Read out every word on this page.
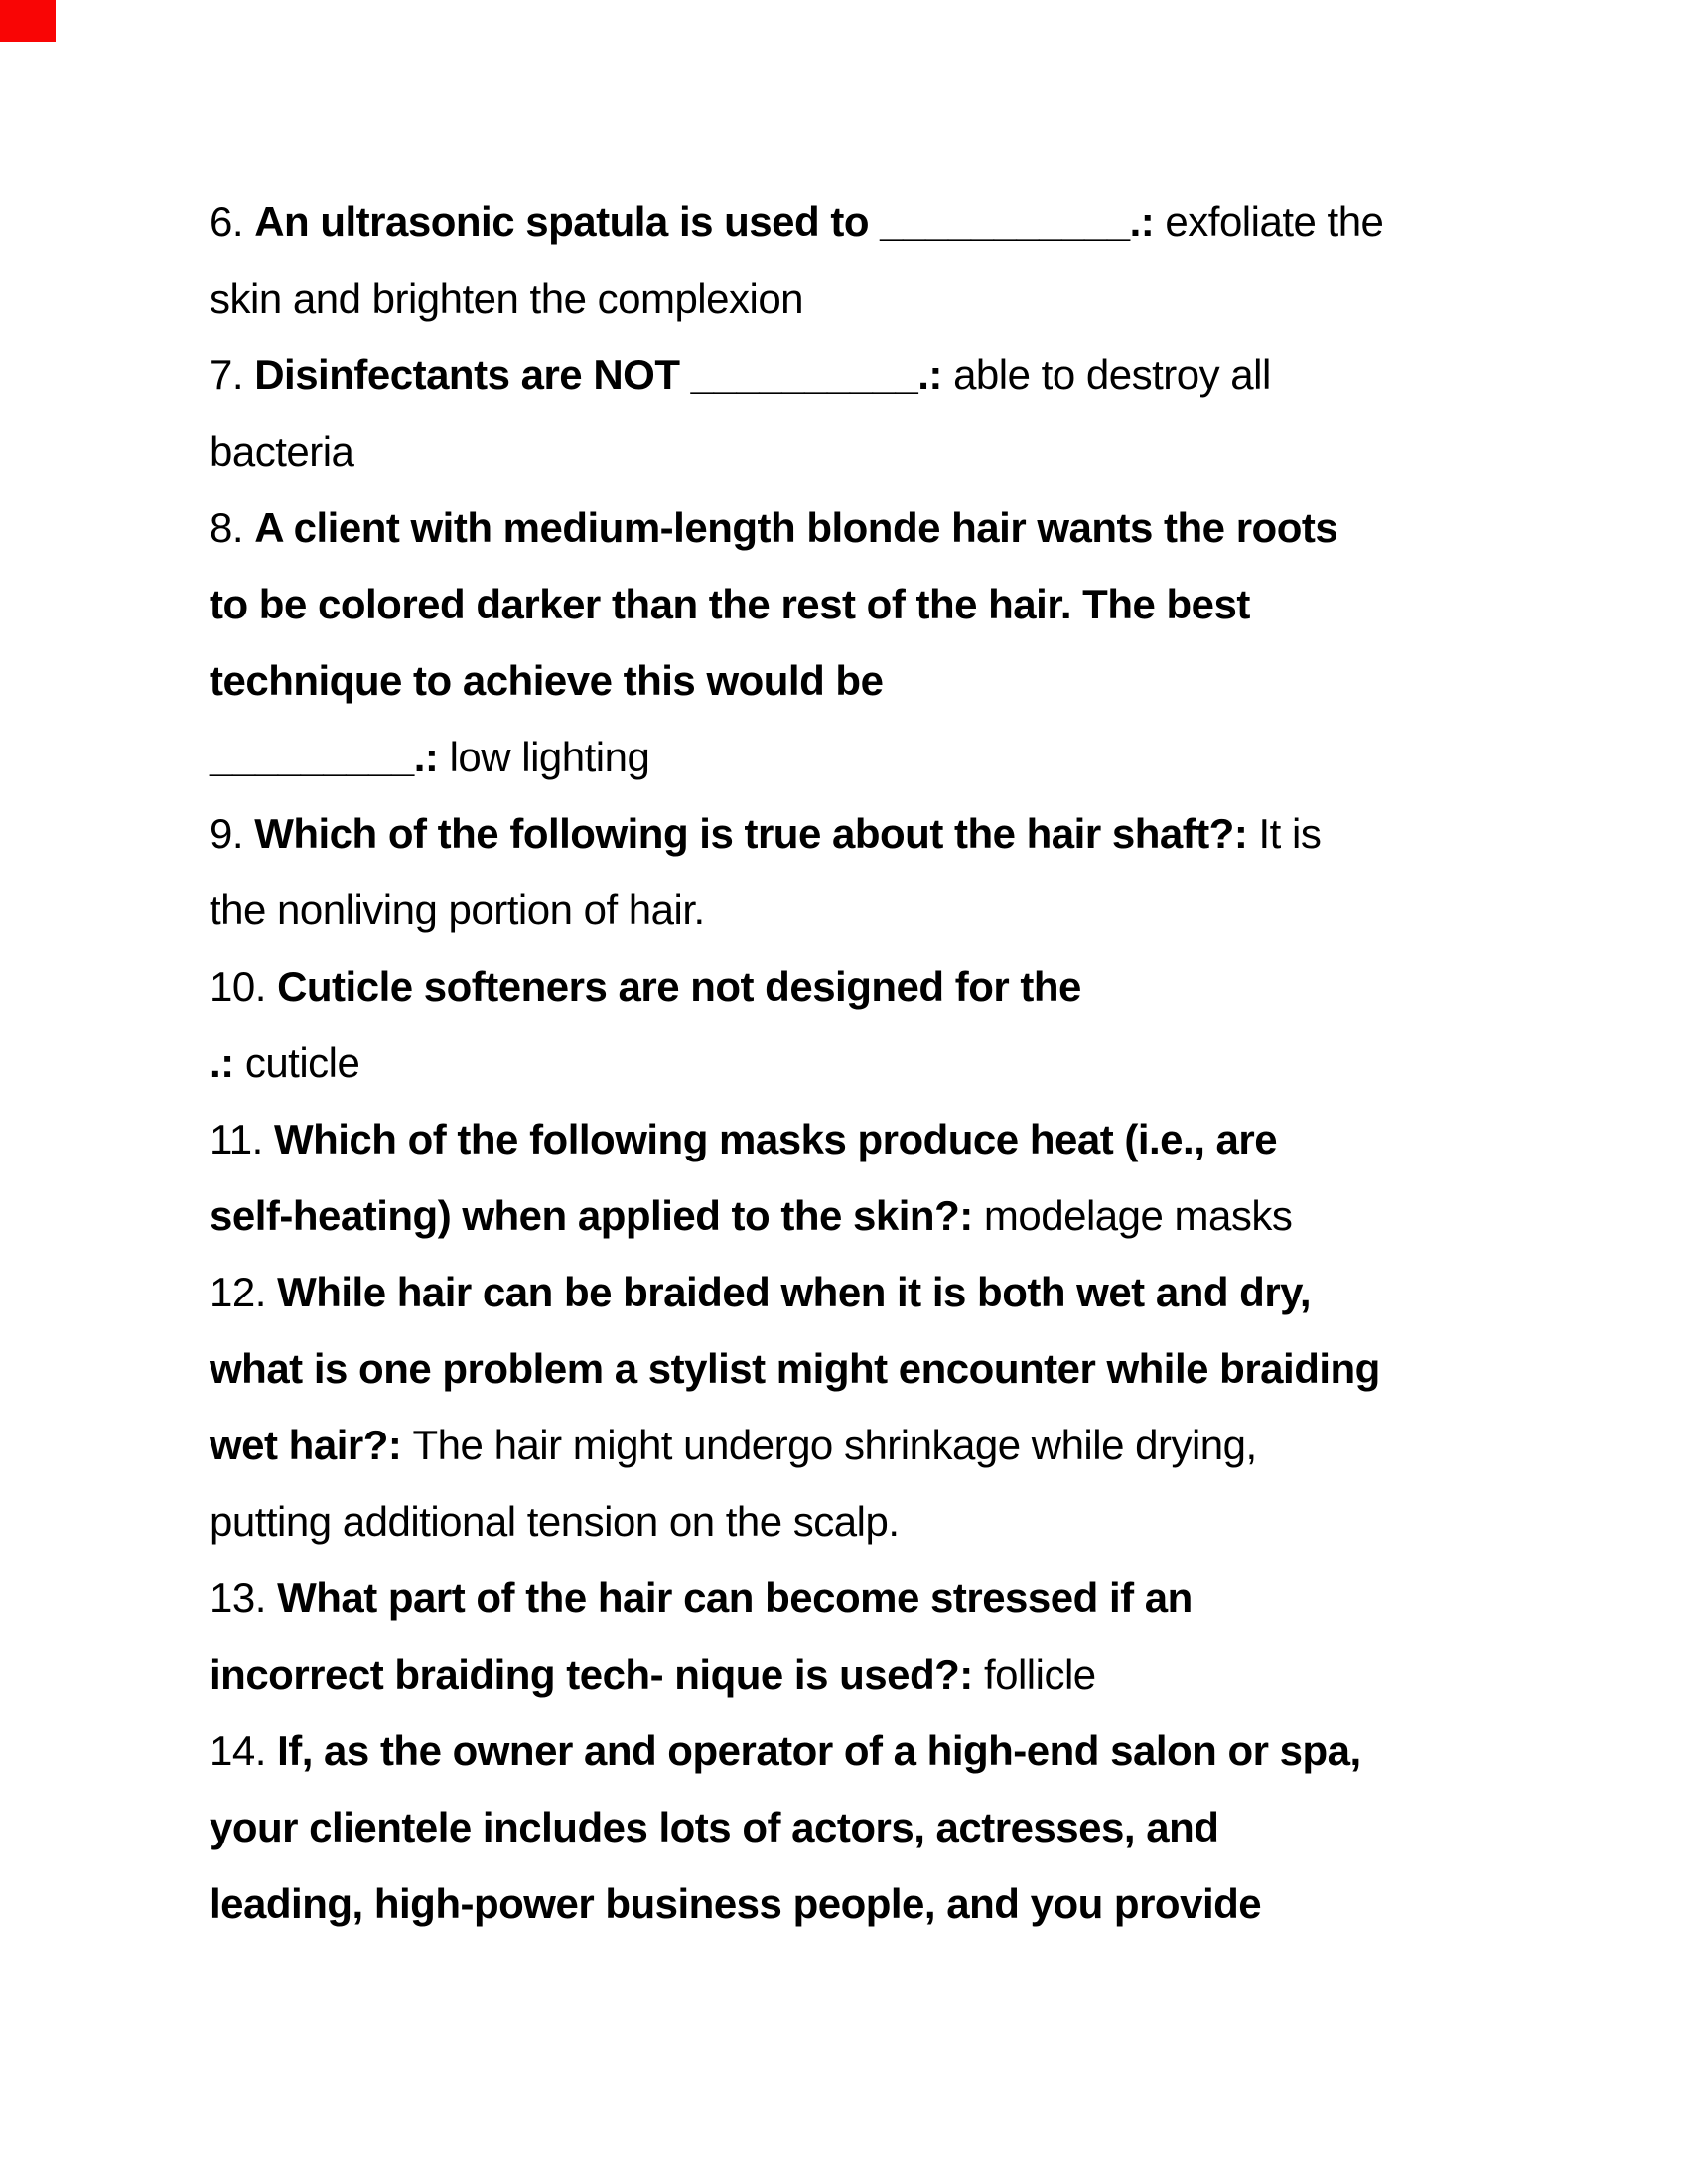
6. An ultrasonic spatula is used to ___________.: exfoliate the
skin and brighten the complexion
7. Disinfectants are NOT __________.: able to destroy all
bacteria
8. A client with medium-length blonde hair wants the roots
to be colored darker than the rest of the hair. The best
technique to achieve this would be
_________.: low lighting
9. Which of the following is true about the hair shaft?: It is
the nonliving portion of hair.
10. Cuticle softeners are not designed for the
.: cuticle
11. Which of the following masks produce heat (i.e., are
self-heating) when applied to the skin?: modelage masks
12. While hair can be braided when it is both wet and dry,
what is one problem a stylist might encounter while braiding
wet hair?: The hair might undergo shrinkage while drying,
putting additional tension on the scalp.
13. What part of the hair can become stressed if an
incorrect braiding tech- nique is used?: follicle
14. If, as the owner and operator of a high-end salon or spa,
your clientele includes lots of actors, actresses, and
leading, high-power business people, and you provide
